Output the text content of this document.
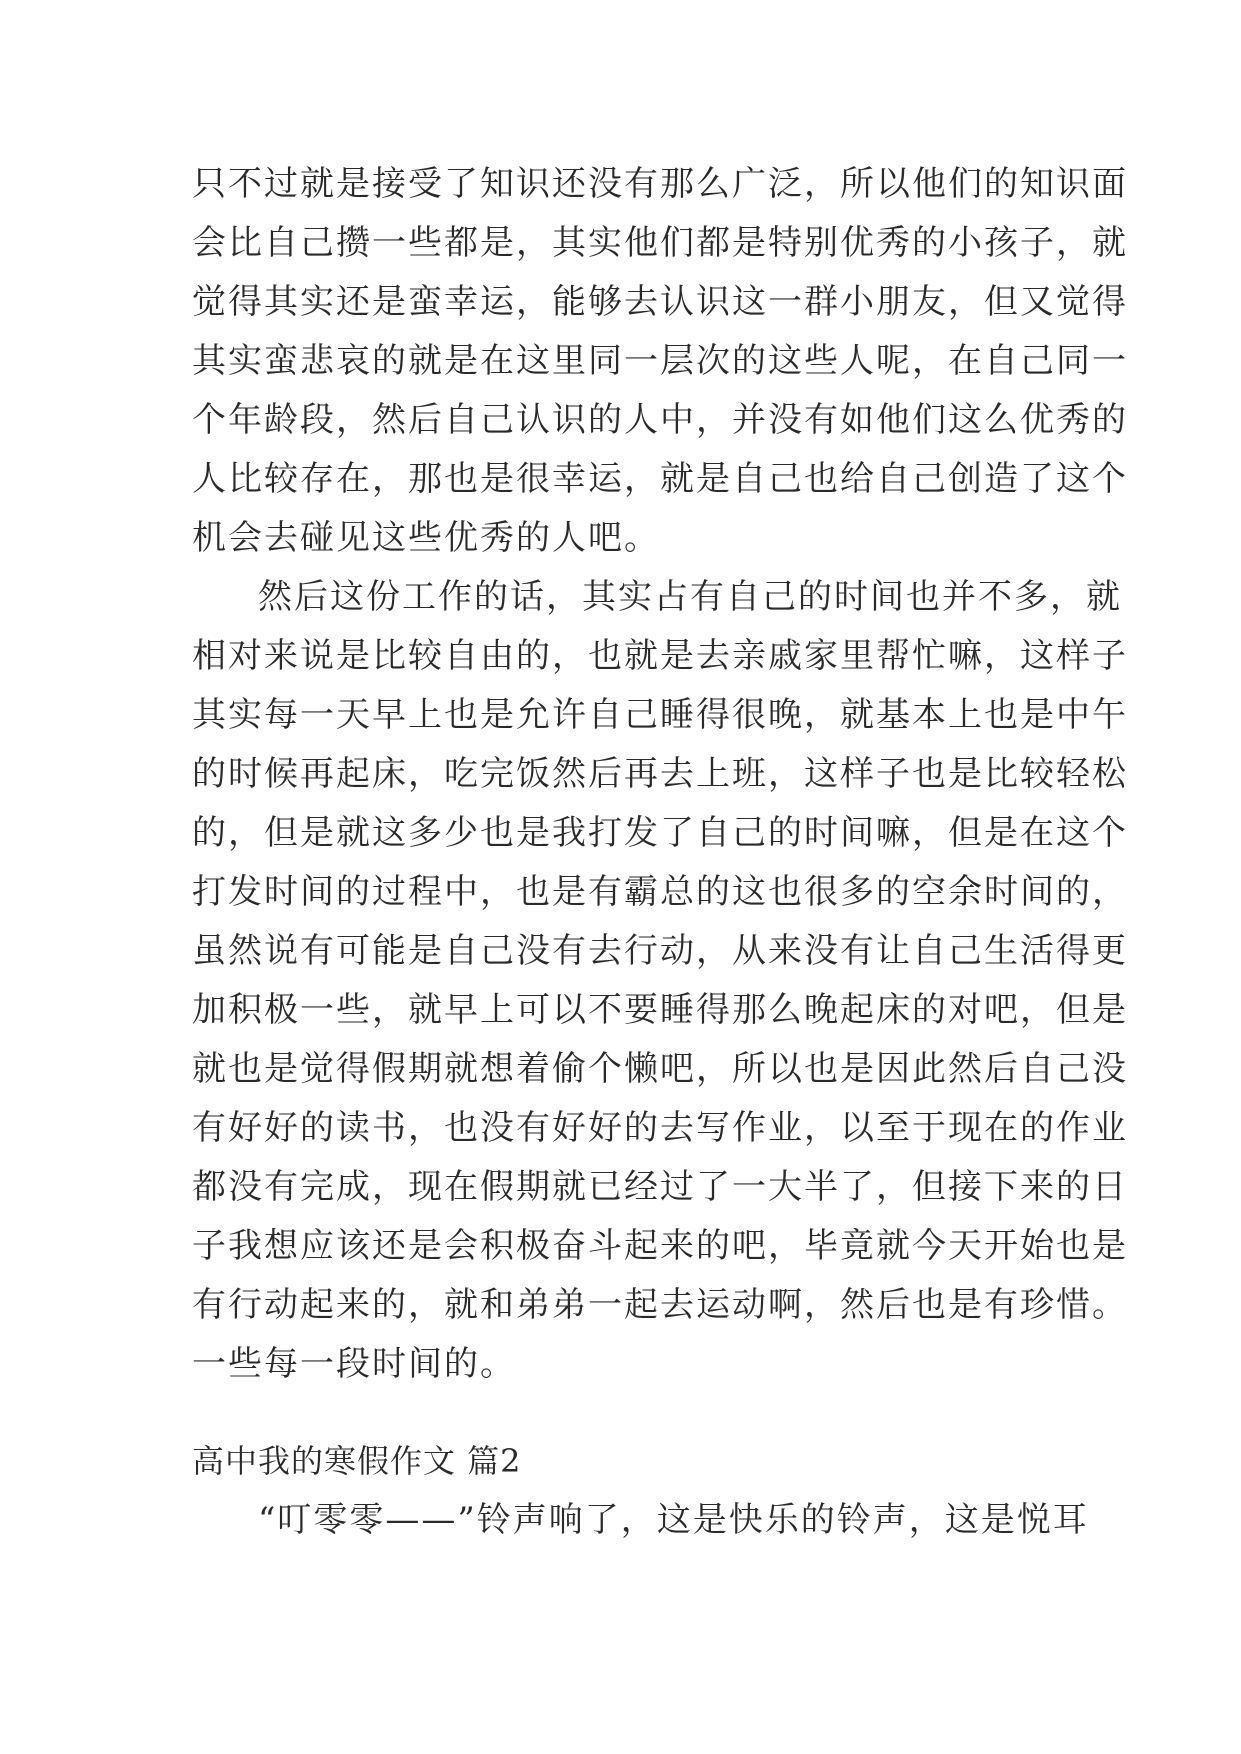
只不过就是接受了知识还没有那么广泛，所以他们的知识面
会比自己攒一些都是，其实他们都是特别优秀的小孩子，就
觉得其实还是蛮幸运，能够去认识这一群小朋友，但又觉得
其实蛮悲哀的就是在这里同一层次的这些人呢，在自己同一
个年龄段，然后自己认识的人中，并没有如他们这么优秀的
人比较存在，那也是很幸运，就是自己也给自己创造了这个
机会去碰见这些优秀的人吧。
然后这份工作的话，其实占有自己的时间也并不多，就
相对来说是比较自由的，也就是去亲戚家里帮忙嘛，这样子
其实每一天早上也是允许自己睡得很晚，就基本上也是中午
的时候再起床，吃完饭然后再去上班，这样子也是比较轻松
的，但是就这多少也是我打发了自己的时间嘛，但是在这个
打发时间的过程中，也是有霸总的这也很多的空余时间的，
虽然说有可能是自己没有去行动，从来没有让自己生活得更
加积极一些，就早上可以不要睡得那么晚起床的对吧，但是
就也是觉得假期就想着偷个懒吧，所以也是因此然后自己没
有好好的读书，也没有好好的去写作业，以至于现在的作业
都没有完成，现在假期就已经过了一大半了，但接下来的日
子我想应该还是会积极奋斗起来的吧，毕竟就今天开始也是
有行动起来的，就和弟弟一起去运动啊，然后也是有珍惜。
一些每一段时间的。
高中我的寒假作文 篇2
“叮零零——”铃声响了，这是快乐的铃声，这是悦耳
